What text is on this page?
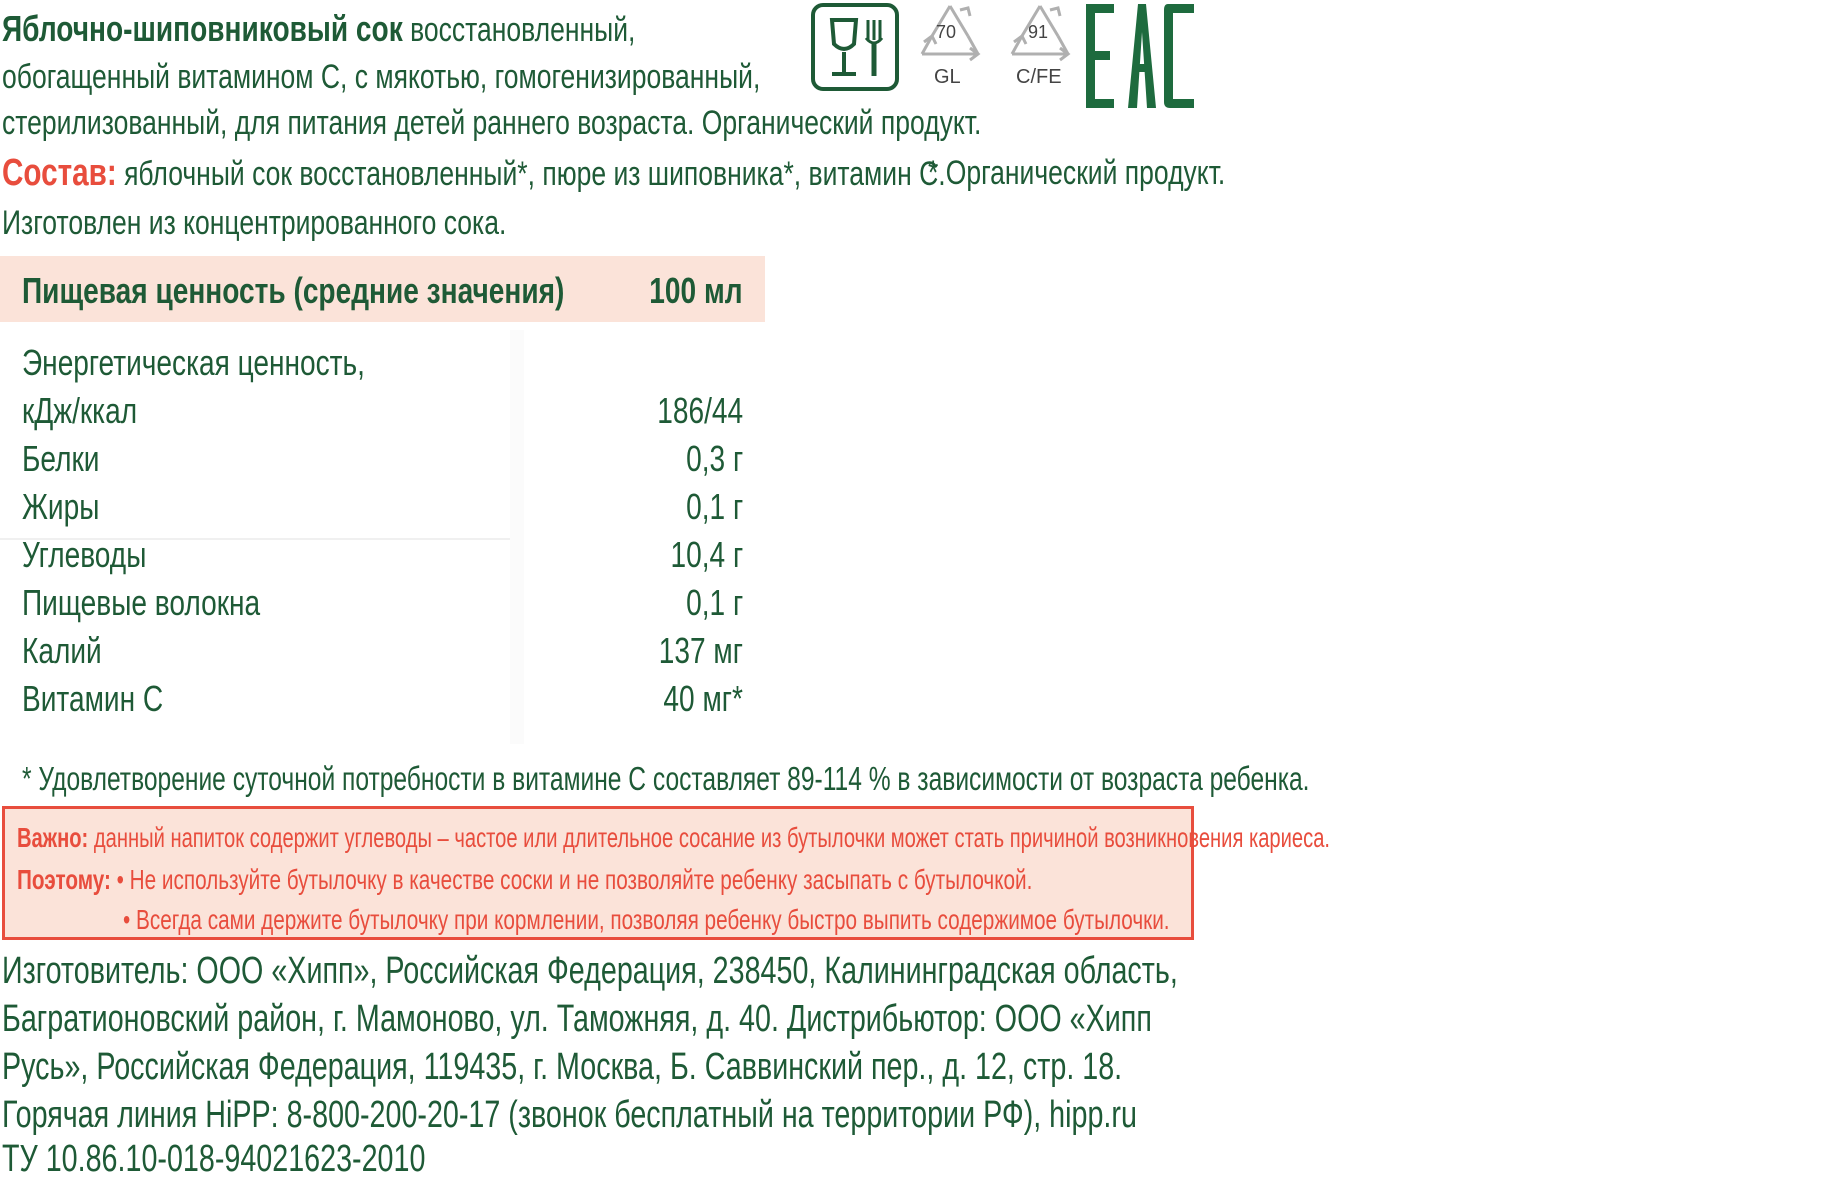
Яблочно-шиповниковый сок восстановленный,
обогащенный витамином С, с мякотью, гомогенизированный,
стерилизованный, для питания детей раннего возраста. Органический продукт.
Состав: яблочный сок восстановленный*, пюре из шиповника*, витамин С.
* Органический продукт.
Изготовлен из концентрированного сока.
70
GL
91
C/FE
Пищевая ценность (средние значения)	100 мл
Энергетическая ценность,
кДж/ккал	186/44
Белки	0,3 г
Жиры	0,1 г
Углеводы	10,4 г
Пищевые волокна	0,1 г
Калий	137 мг
Витамин С	40 мг*
* Удовлетворение суточной потребности в витамине С составляет 89-114 % в зависимости от возраста ребенка.
Важно: данный напиток содержит углеводы – частое или длительное сосание из бутылочки может стать причиной возникновения кариеса.
Поэтому: • Не используйте бутылочку в качестве соски и не позволяйте ребенку засыпать с бутылочкой.
• Всегда сами держите бутылочку при кормлении, позволяя ребенку быстро выпить содержимое бутылочки.
Изготовитель: ООО «Хипп», Российская Федерация, 238450, Калининградская область,
Багратионовский район, г. Мамоново, ул. Таможняя, д. 40. Дистрибьютор: ООО «Хипп
Русь», Российская Федерация, 119435, г. Москва, Б. Саввинский пер., д. 12, стр. 18.
Горячая линия HiPP: 8-800-200-20-17 (звонок бесплатный на территории РФ), hipp.ru
ТУ 10.86.10-018-94021623-2010
